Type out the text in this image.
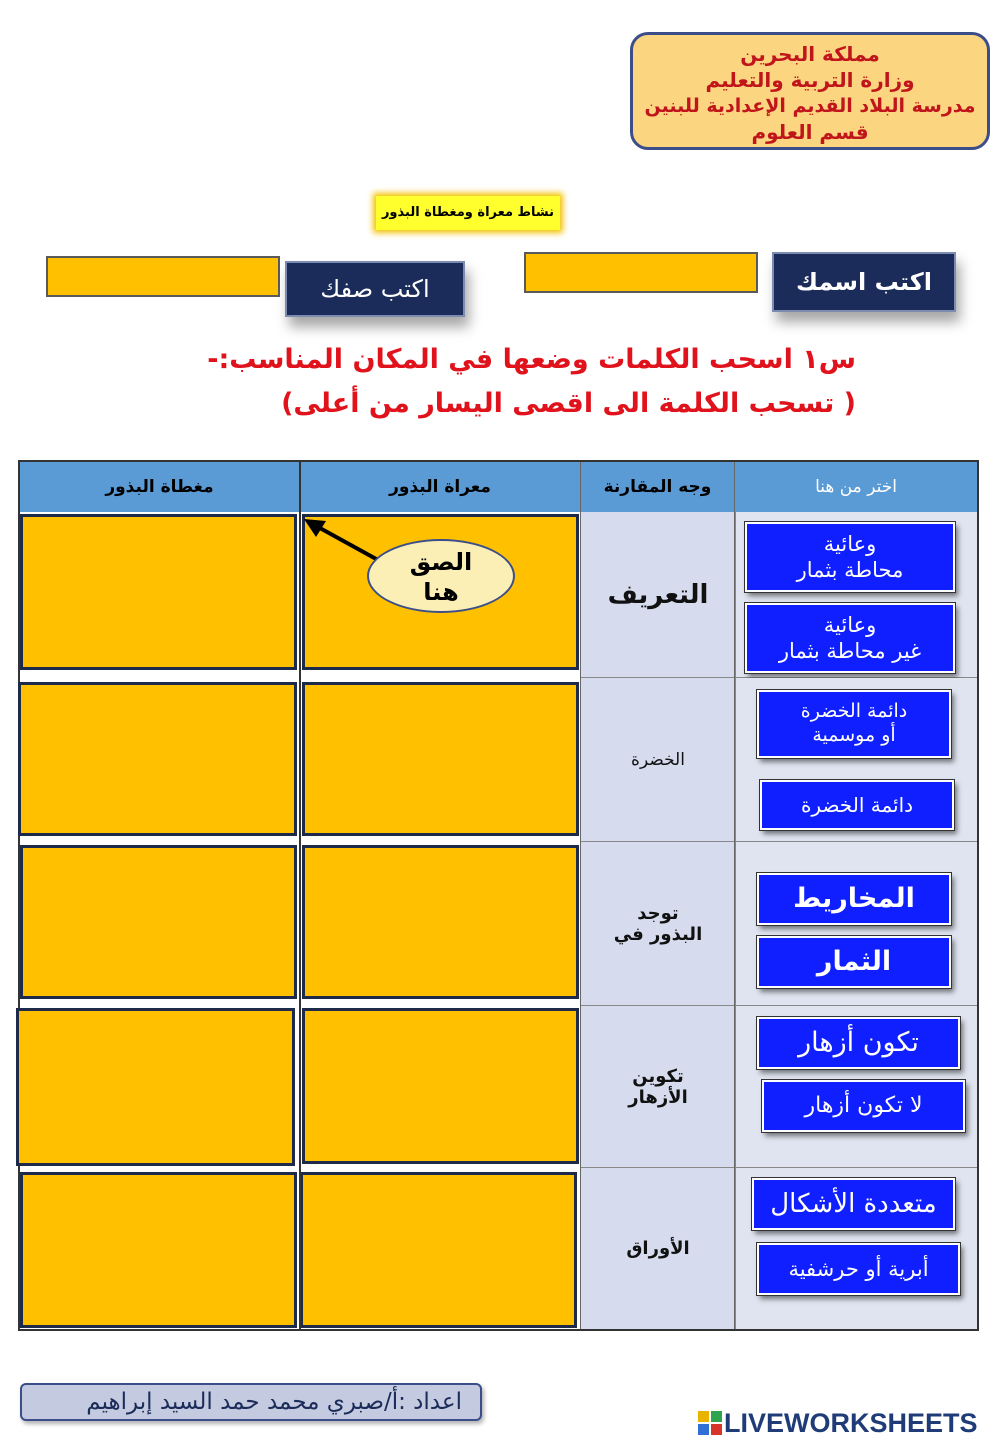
مملكة البحرين
وزارة التربية والتعليم
مدرسة البلاد القديم الإعدادية للبنين
قسم العلوم
نشاط معراة ومغطاة البذور
اكتب اسمك
اكتب صفك
س١ اسحب الكلمات وضعها في المكان المناسب:-
( تسحب الكلمة الى اقصى اليسار من أعلى)
اختر من هنا
وجه المقارنة
معراة البذور
مغطاة البذور
التعريف
وعائية
محاطة بثمار
وعائية
غير محاطة بثمار
الخضرة
دائمة الخضرة
أو موسمية
دائمة الخضرة
توجد البذور في
المخاريط
الثمار
تكوين الأزهار
تكون أزهار
لا تكون أزهار
الأوراق
متعددة الأشكال
أبرية أو حرشفية
الصق
هنا
اعداد :أ/صبري محمد حمد السيد إبراهيم
LIVEWORKSHEETS
